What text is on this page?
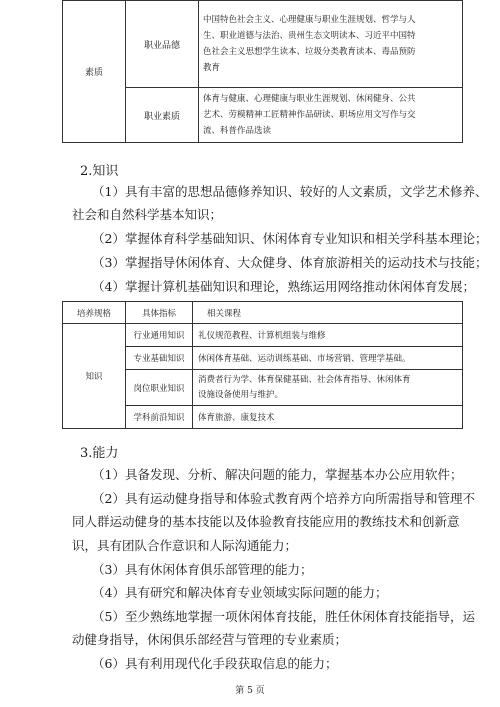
素质	职业品德	中国特色社会主义、心理健康与职业生涯规划、哲学与人
生、职业道德与法治、贵州生态文明读本、习近平中国特
色社会主义思想学生读本、垃圾分类教育读本、毒品预防
教育

	职业素质	体育与健康、心理健康与职业生涯规划、休闲健身、公共
艺术、劳模精神工匠精神作品研读、职场应用文写作与交
流、科普作品选读
2.知识
（1）具有丰富的思想品德修养知识、较好的人文素质，文学艺术修养、
社会和自然科学基本知识；
（2）掌握体育科学基础知识、休闲体育专业知识和相关学科基本理论；
（3）掌握指导休闲体育、大众健身、体育旅游相关的运动技术与技能；
（4）掌握计算机基础知识和理论，熟练运用网络推动休闲体育发展；
培养规格	具体指标	相关课程
知识	行业通用知识	礼仪规范教程、计算机组装与维修
	专业基础知识	休闲体育基础、运动训练基础、市场营销、管理学基础。
	岗位职业知识	消费者行为学、体育保健基础、社会体育指导、休闲体育
设施设备使用与维护。

	学科前沿知识	体育旅游、康复技术
3.能力
（1）具备发现、分析、解决问题的能力，掌握基本办公应用软件；
（2）具有运动健身指导和体验式教育两个培养方向所需指导和管理不
同人群运动健身的基本技能以及体验教育技能应用的教练技术和创新意
识，具有团队合作意识和人际沟通能力；
（3）具有休闲体育俱乐部管理的能力；
（4）具有研究和解决体育专业领域实际问题的能力；
（5）至少熟练地掌握一项休闲体育技能，胜任休闲体育技能指导，运
动健身指导，休闲俱乐部经营与管理的专业素质；
（6）具有利用现代化手段获取信息的能力；
第 5 页
